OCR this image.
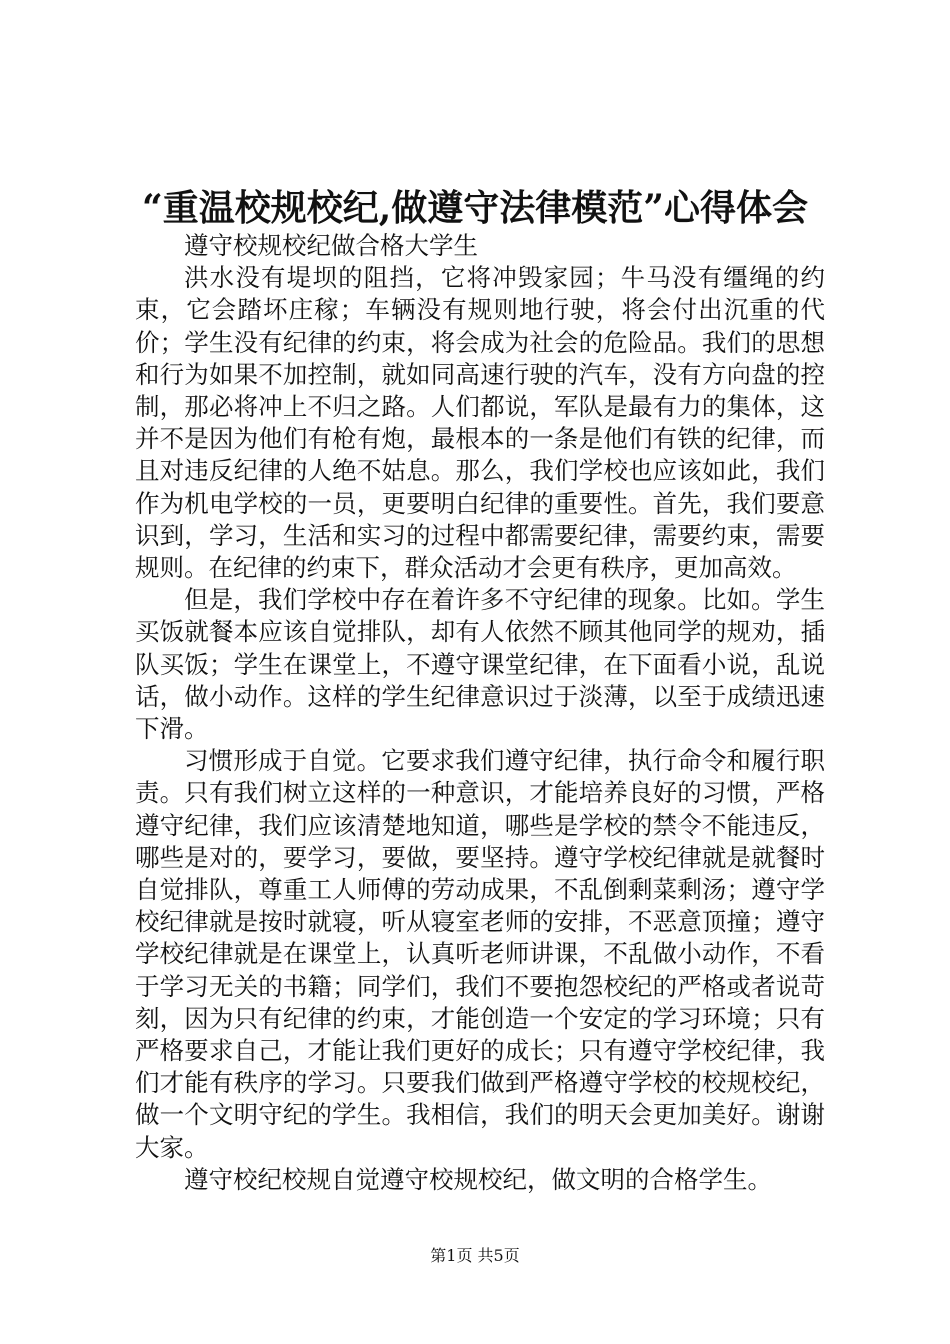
“重温校规校纪,做遵守法律模范”心得体会

遵守校规校纪做合格大学生

洪水没有堤坝的阻挡，它将冲毁家园；牛马没有缰绳的约束，它会踏坏庄稼；车辆没有规则地行驶，将会付出沉重的代价；学生没有纪律的约束，将会成为社会的危险品。我们的思想和行为如果不加控制，就如同高速行驶的汽车，没有方向盘的控制，那必将冲上不归之路。人们都说，军队是最有力的集体，这并不是因为他们有枪有炮，最根本的一条是他们有铁的纪律，而且对违反纪律的人绝不姑息。那么，我们学校也应该如此，我们作为机电学校的一员，更要明白纪律的重要性。首先，我们要意识到，学习，生活和实习的过程中都需要纪律，需要约束，需要规则。在纪律的约束下，群众活动才会更有秩序，更加高效。

但是，我们学校中存在着许多不守纪律的现象。比如。学生买饭就餐本应该自觉排队，却有人依然不顾其他同学的规劝，插队买饭；学生在课堂上，不遵守课堂纪律，在下面看小说，乱说话，做小动作。这样的学生纪律意识过于淡薄，以至于成绩迅速下滑。

习惯形成于自觉。它要求我们遵守纪律，执行命令和履行职责。只有我们树立这样的一种意识，才能培养良好的习惯，严格遵守纪律，我们应该清楚地知道，哪些是学校的禁令不能违反，哪些是对的，要学习，要做，要坚持。遵守学校纪律就是就餐时自觉排队，尊重工人师傅的劳动成果，不乱倒剩菜剩汤；遵守学校纪律就是按时就寝，听从寝室老师的安排，不恶意顶撞；遵守学校纪律就是在课堂上，认真听老师讲课，不乱做小动作，不看于学习无关的书籍；同学们，我们不要抱怨校纪的严格或者说苛刻，因为只有纪律的约束，才能创造一个安定的学习环境；只有严格要求自己，才能让我们更好的成长；只有遵守学校纪律，我们才能有秩序的学习。只要我们做到严格遵守学校的校规校纪，做一个文明守纪的学生。我相信，我们的明天会更加美好。谢谢大家。

遵守校纪校规自觉遵守校规校纪，做文明的合格学生。

第1页 共5页
